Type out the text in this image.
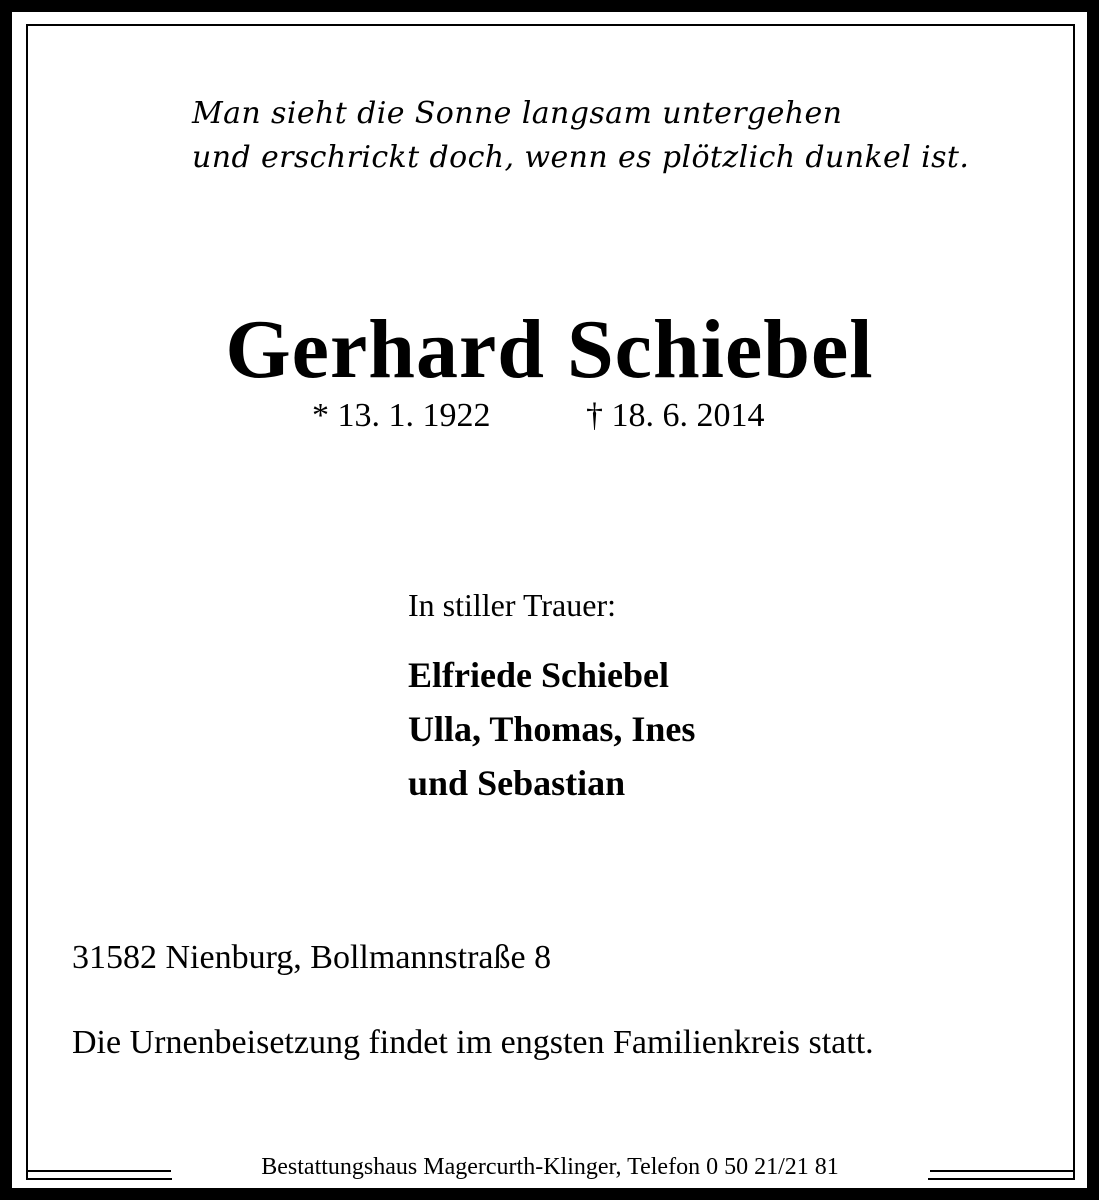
Man sieht die Sonne langsam untergehen
und erschrickt doch, wenn es plötzlich dunkel ist.
Gerhard Schiebel
* 13. 1. 1922	† 18. 6. 2014
In stiller Trauer:
Elfriede Schiebel
Ulla, Thomas, Ines
und Sebastian
31582 Nienburg, Bollmannstraße 8
Die Urnenbeisetzung findet im engsten Familienkreis statt.
Bestattungshaus Magercurth-Klinger, Telefon 0 50 21/21 81
